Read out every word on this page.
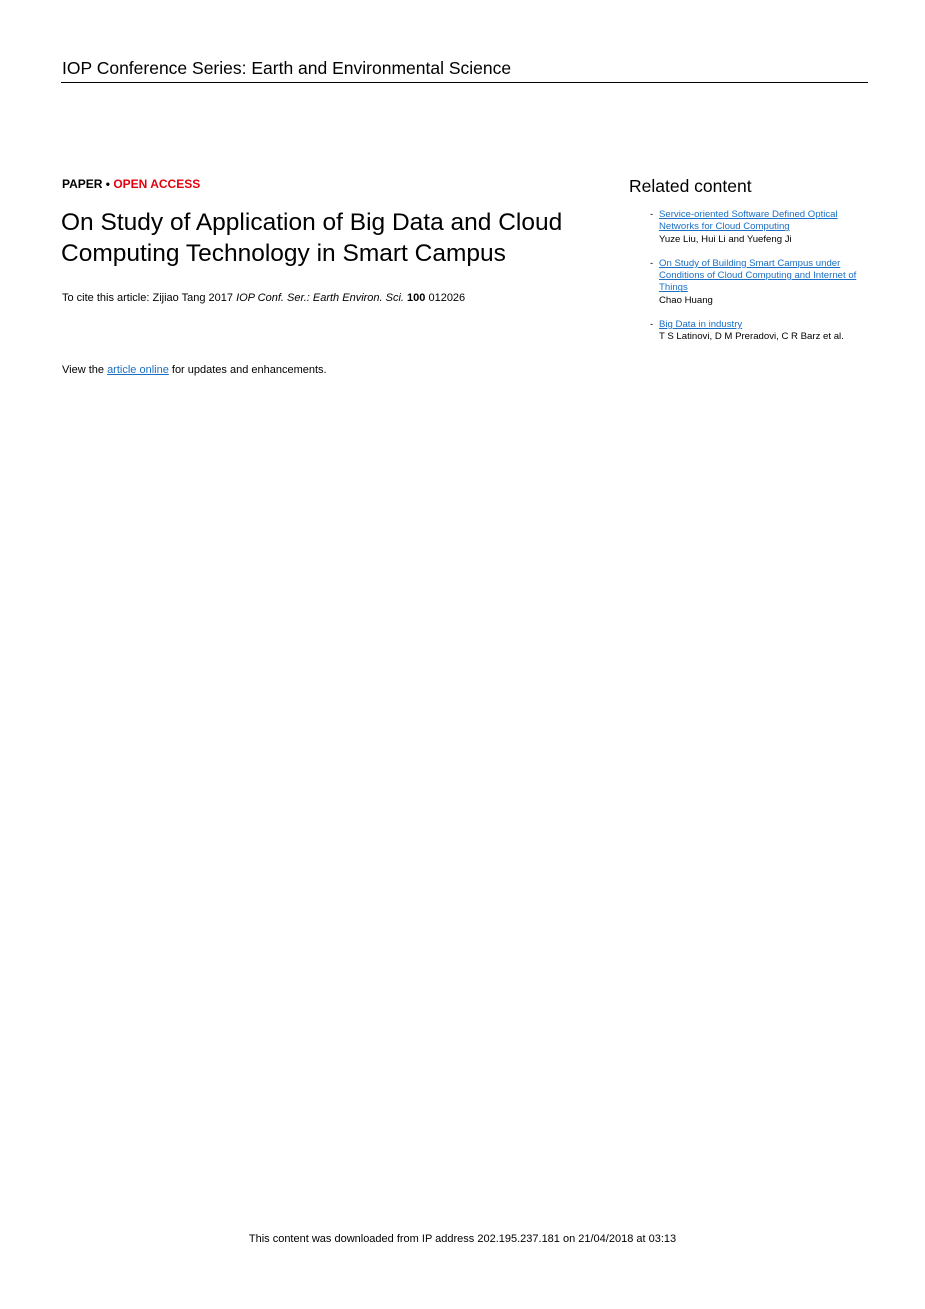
IOP Conference Series: Earth and Environmental Science
PAPER • OPEN ACCESS
On Study of Application of Big Data and Cloud Computing Technology in Smart Campus
To cite this article: Zijiao Tang 2017 IOP Conf. Ser.: Earth Environ. Sci. 100 012026
View the article online for updates and enhancements.
Related content
- Service-oriented Software Defined Optical Networks for Cloud Computing
Yuze Liu, Hui Li and Yuefeng Ji
- On Study of Building Smart Campus under Conditions of Cloud Computing and Internet of Things
Chao Huang
- Big Data in industry
T S Latinovi, D M Preradovi, C R Barz et al.
This content was downloaded from IP address 202.195.237.181 on 21/04/2018 at 03:13
